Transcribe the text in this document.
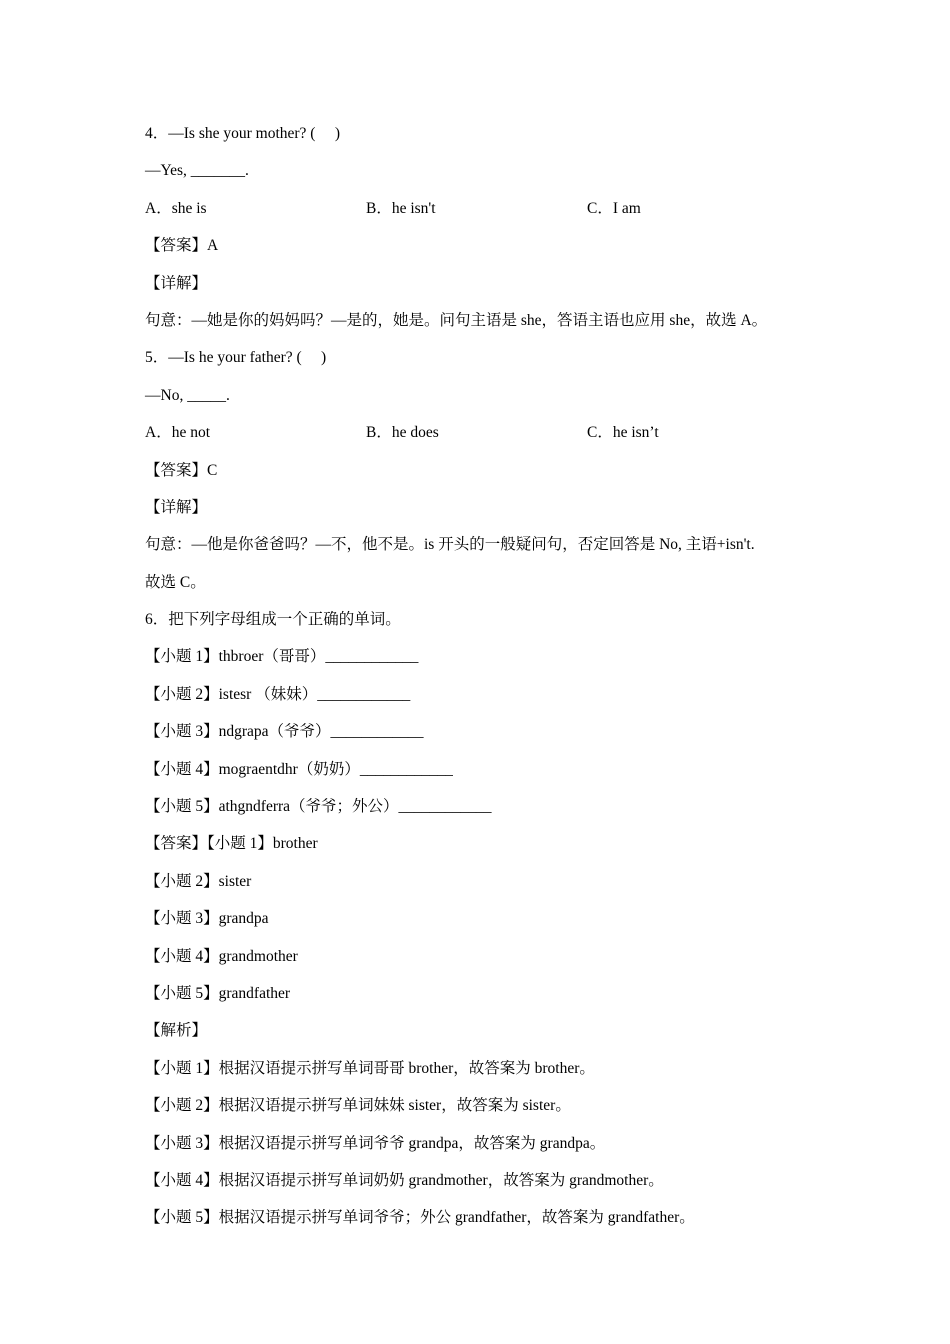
4．—Is she your mother? (     )
—Yes, _______.
A．she is	B．he isn't	C．I am
【答案】A
【详解】
句意：—她是你的妈妈吗？—是的，她是。问句主语是 she，答语主语也应用 she，故选 A。
5．—Is he your father? (     )
—No, _____.
A．he not	B．he does	C．he isn’t
【答案】C
【详解】
句意：—他是你爸爸吗？—不，他不是。is 开头的一般疑问句，否定回答是 No, 主语+isn't.
故选 C。
6．把下列字母组成一个正确的单词。
【小题 1】thbroer（哥哥）____________
【小题 2】istesr （妹妹）____________
【小题 3】ndgrapa（爷爷）____________
【小题 4】mograentdhr（奶奶）____________
【小题 5】athgndferra（爷爷；外公）____________
【答案】【小题 1】brother
【小题 2】sister
【小题 3】grandpa
【小题 4】grandmother
【小题 5】grandfather
【解析】
【小题 1】根据汉语提示拼写单词哥哥 brother，故答案为 brother。
【小题 2】根据汉语提示拼写单词妹妹 sister，故答案为 sister。
【小题 3】根据汉语提示拼写单词爷爷 grandpa，故答案为 grandpa。
【小题 4】根据汉语提示拼写单词奶奶 grandmother，故答案为 grandmother。
【小题 5】根据汉语提示拼写单词爷爷；外公 grandfather，故答案为 grandfather。
